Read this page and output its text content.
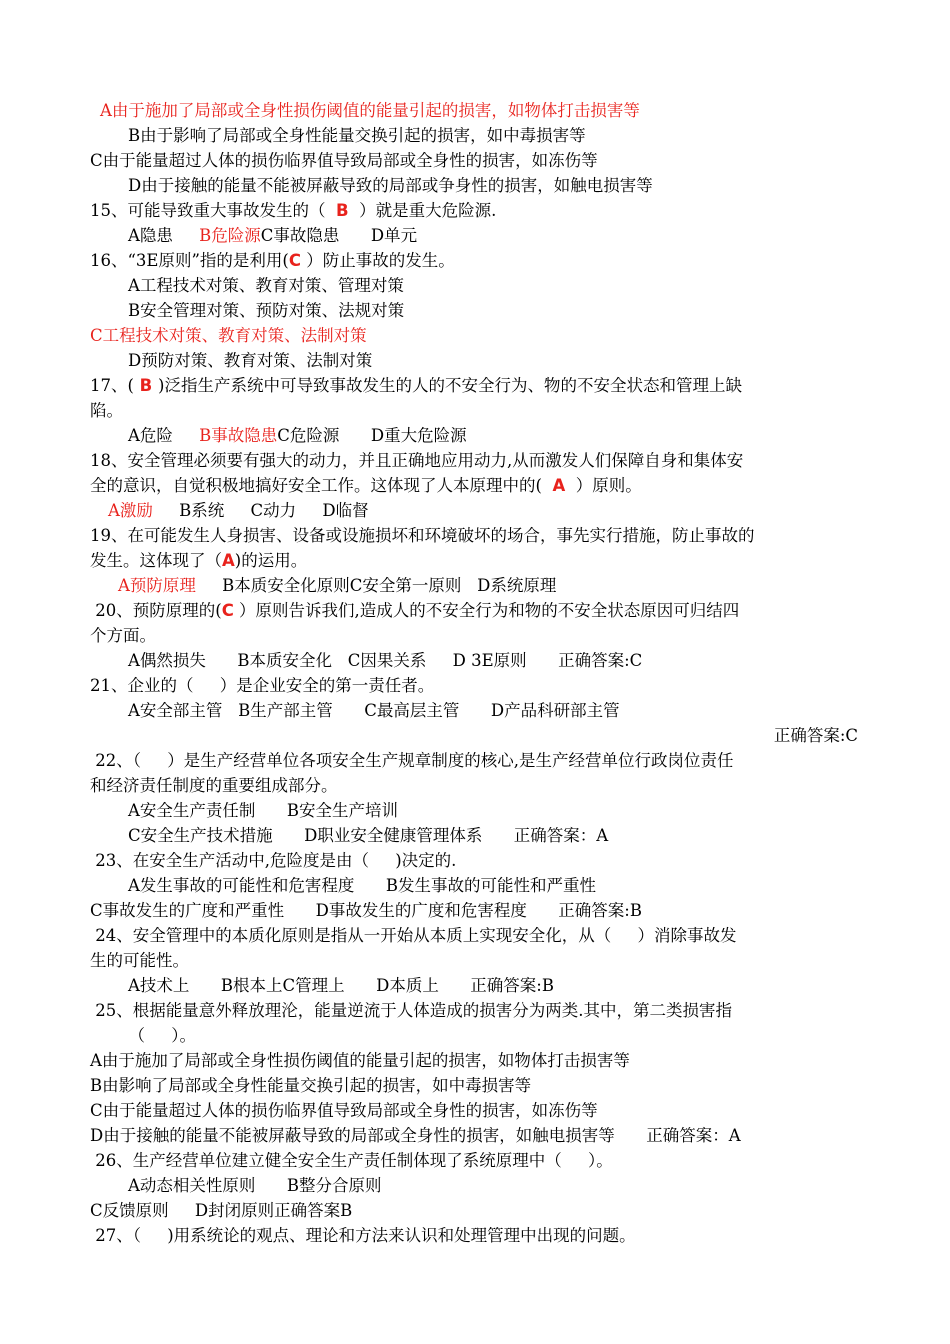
A由于施加了局部或全身性损伤阈值的能量引起的损害，如物体打击损害等
B由于影响了局部或全身性能量交换引起的损害，如中毒损害等
C由于能量超过人体的损伤临界值导致局部或全身性的损害，如冻伤等
D由于接触的能量不能被屏蔽导致的局部或争身性的损害，如触电损害等
15、可能导致重大事故发生的（  B  ）就是重大危险源.
A隐患     B危险源C事故隐患      D单元
16、“3E原则”指的是利用(C ）防止事故的发生。
A工程技术对策、教育对策、管理对策
B安全管理对策、预防对策、法规对策
C工程技术对策、教育对策、法制对策
D预防对策、教育对策、法制对策
17、( B )泛指生产系统中可导致事故发生的人的不安全行为、物的不安全状态和管理上缺
陷。
A危险     B事故隐患C危险源      D重大危险源
18、安全管理必须要有强大的动力，并且正确地应用动力,从而激发人们保障自身和集体安
全的意识，自觉积极地搞好安全工作。这体现了人本原理中的(  A  ）原则。
A激励     B系统     C动力     D临督
19、在可能发生人身损害、设备或设施损坏和环境破坏的场合，事先实行措施，防止事故的
发生。这体现了（A)的运用。
A预防原理     B本质安全化原则C安全第一原则   D系统原理
20、预防原理的(C ）原则告诉我们,造成人的不安全行为和物的不安全状态原因可归结四
个方面。
A偶然损失      B本质安全化   C因果关系     D 3E原则      正确答案:C
21、企业的（     ）是企业安全的第一责任者。
A安全部主管   B生产部主管      C最高层主管      D产品科研部主管
正确答案:C
22、（     ）是生产经营单位各项安全生产规章制度的核心,是生产经营单位行政岗位责任
和经济责任制度的重要组成部分。
A安全生产责任制      B安全生产培训
C安全生产技术措施      D职业安全健康管理体系      正确答案：A
23、在安全生产活动中,危险度是由（     )决定的.
A发生事故的可能性和危害程度      B发生事故的可能性和严重性
C事故发生的广度和严重性      D事故发生的广度和危害程度      正确答案:B
24、安全管理中的本质化原则是指从一开始从本质上实现安全化，从（     ）消除事故发
生的可能性。
A技术上      B根本上C管理上      D本质上      正确答案:B
25、根据能量意外释放理沦，能量逆流于人体造成的损害分为两类.其中，第二类损害指
（     ）。
A由于施加了局部或全身性损伤阈值的能量引起的损害，如物体打击损害等
B由影响了局部或全身性能量交换引起的损害，如中毒损害等
C由于能量超过人体的损伤临界值导致局部或全身性的损害，如冻伤等
D由于接触的能量不能被屏蔽导致的局部或全身性的损害，如触电损害等      正确答案：A
26、生产经营单位建立健全安全生产责任制体现了系统原理中（     ）。
A动态相关性原则      B整分合原则
C反馈原则     D封闭原则正确答案B
27、（     )用系统论的观点、理论和方法来认识和处理管理中出现的问题。
